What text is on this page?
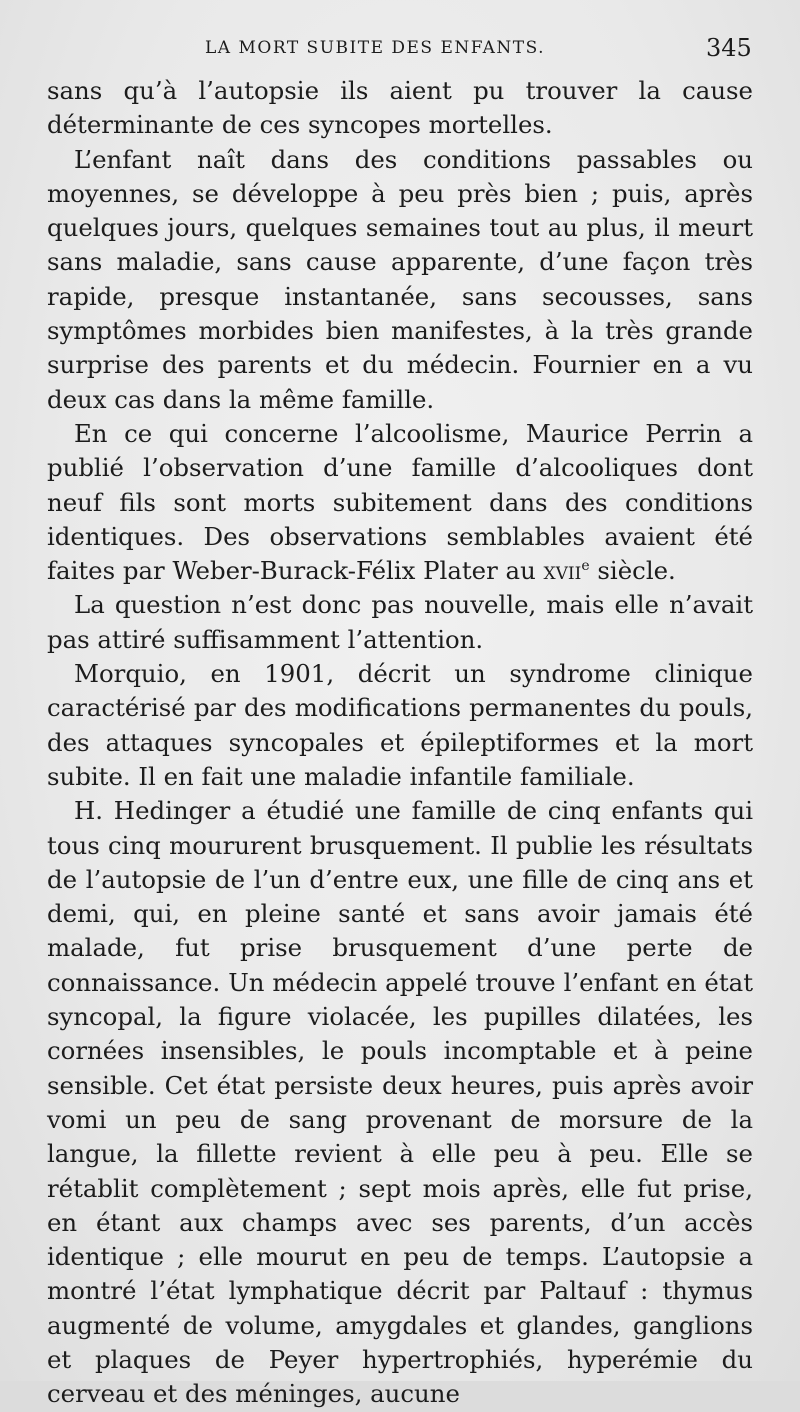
LA MORT SUBITE DES ENFANTS.	345

sans qu’à l’autopsie ils aient pu trouver la cause déterminante de ces syncopes mortelles.

L’enfant naît dans des conditions passables ou moyennes, se développe à peu près bien ; puis, après quelques jours, quelques semaines tout au plus, il meurt sans maladie, sans cause apparente, d’une façon très rapide, presque instantanée, sans secousses, sans symptômes morbides bien manifestes, à la très grande surprise des parents et du médecin. Fournier en a vu deux cas dans la même famille.

En ce qui concerne l’alcoolisme, Maurice Perrin a publié l’observation d’une famille d’alcooliques dont neuf fils sont morts subitement dans des conditions identiques. Des observations semblables avaient été faites par Weber-Burack-Félix Plater au xvii$^e$ siècle.

La question n’est donc pas nouvelle, mais elle n’avait pas attiré suffisamment l’attention.

Morquio, en 1901, décrit un syndrome clinique caractérisé par des modifications permanentes du pouls, des attaques syncopales et épileptiformes et la mort subite. Il en fait une maladie infantile familiale.

H. Hedinger a étudié une famille de cinq enfants qui tous cinq moururent brusquement. Il publie les résultats de l’autopsie de l’un d’entre eux, une fille de cinq ans et demi, qui, en pleine santé et sans avoir jamais été malade, fut prise brusquement d’une perte de connaissance. Un médecin appelé trouve l’enfant en état syncopal, la figure violacée, les pupilles dilatées, les cornées insensibles, le pouls incomptable et à peine sensible. Cet état persiste deux heures, puis après avoir vomi un peu de sang provenant de morsure de la langue, la fillette revient à elle peu à peu. Elle se rétablit complètement ; sept mois après, elle fut prise, en étant aux champs avec ses parents, d’un accès identique ; elle mourut en peu de temps. L’autopsie a montré l’état lymphatique décrit par Paltauf : thymus augmenté de volume, amygdales et glandes, ganglions et plaques de Peyer hypertrophiés, hyperémie du cerveau et des méninges, aucune
